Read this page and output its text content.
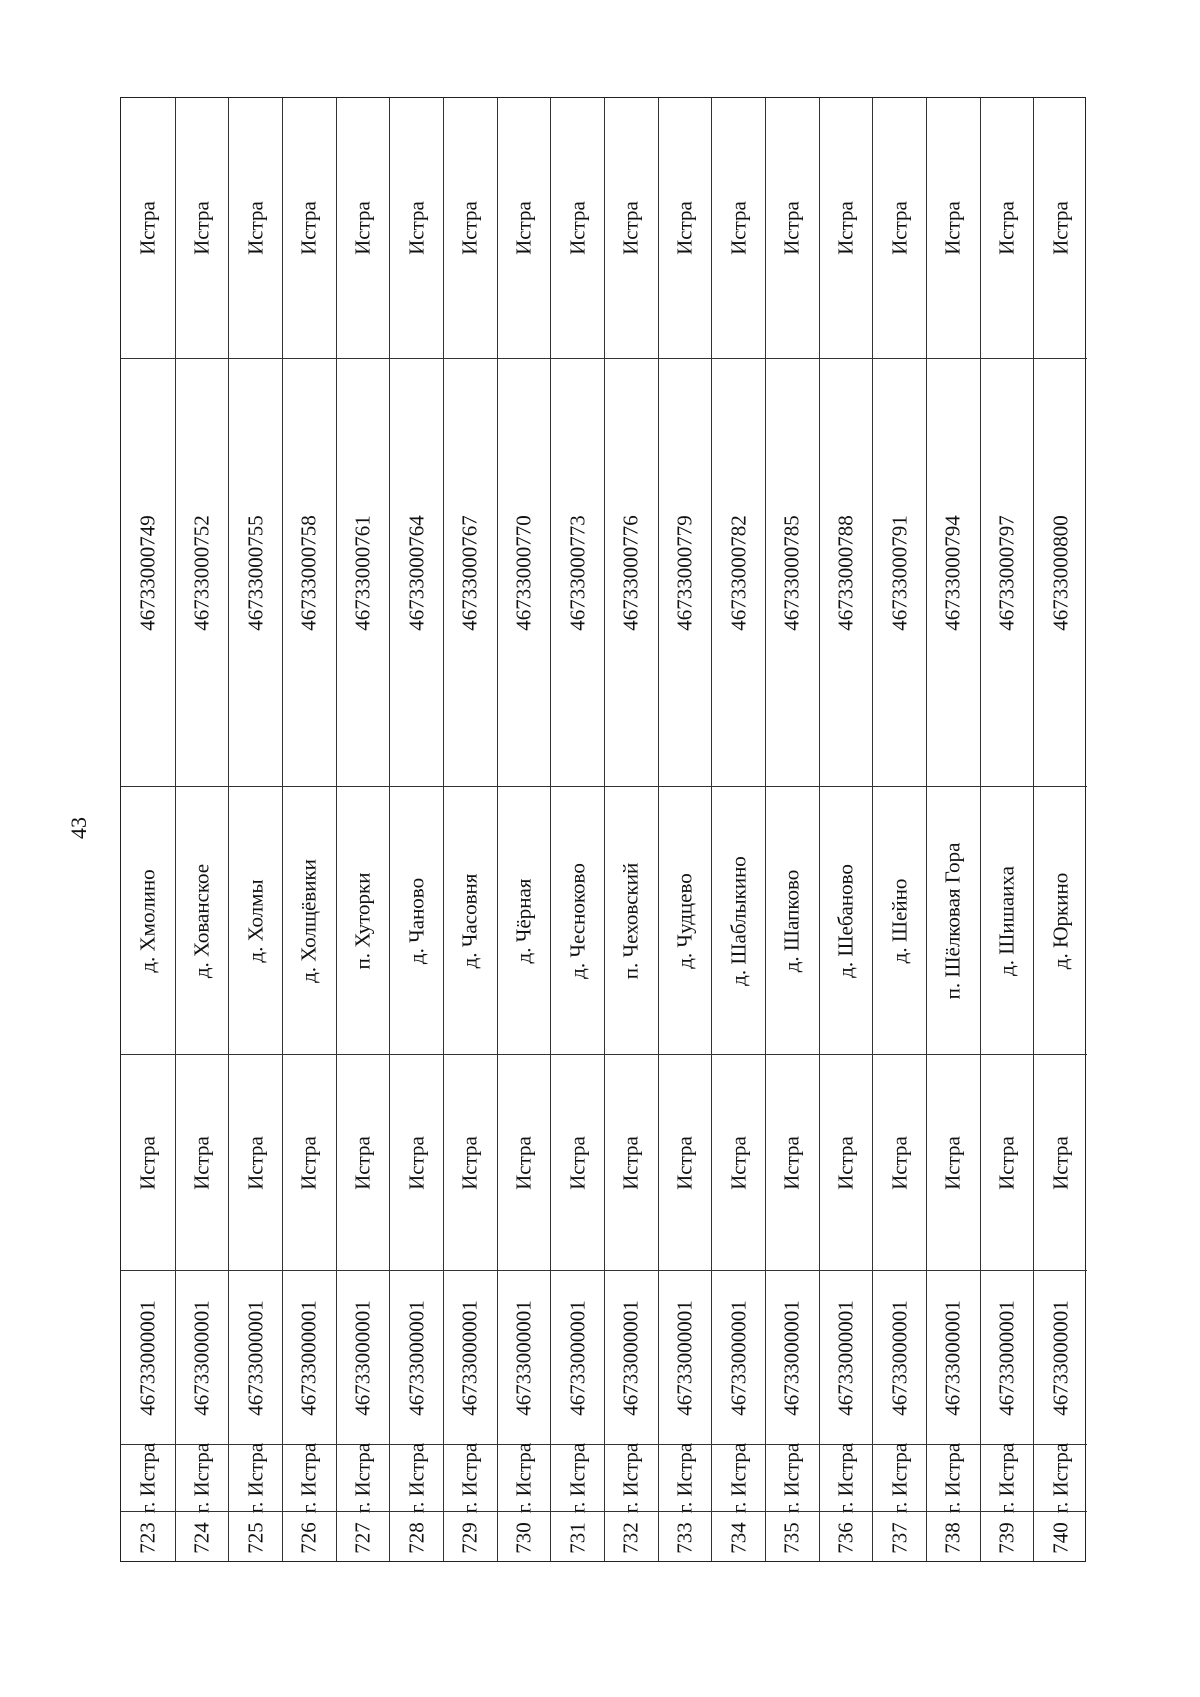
43
Истра
46733000749
д. Хмолино
Истра
46733000001
г. Истра
723
Истра
46733000752
д. Хованское
Истра
46733000001
г. Истра
724
Истра
46733000755
д. Холмы
Истра
46733000001
г. Истра
725
Истра
46733000758
д. Холщёвики
Истра
46733000001
г. Истра
726
Истра
46733000761
п. Хуторки
Истра
46733000001
г. Истра
727
Истра
46733000764
д. Чаново
Истра
46733000001
г. Истра
728
Истра
46733000767
д. Часовня
Истра
46733000001
г. Истра
729
Истра
46733000770
д. Чёрная
Истра
46733000001
г. Истра
730
Истра
46733000773
д. Чесноково
Истра
46733000001
г. Истра
731
Истра
46733000776
п. Чеховский
Истра
46733000001
г. Истра
732
Истра
46733000779
д. Чудцево
Истра
46733000001
г. Истра
733
Истра
46733000782
д. Шаблыкино
Истра
46733000001
г. Истра
734
Истра
46733000785
д. Шапково
Истра
46733000001
г. Истра
735
Истра
46733000788
д. Шебаново
Истра
46733000001
г. Истра
736
Истра
46733000791
д. Шейно
Истра
46733000001
г. Истра
737
Истра
46733000794
п. Шёлковая Гора
Истра
46733000001
г. Истра
738
Истра
46733000797
д. Шишаиха
Истра
46733000001
г. Истра
739
Истра
46733000800
д. Юркино
Истра
46733000001
г. Истра
740
